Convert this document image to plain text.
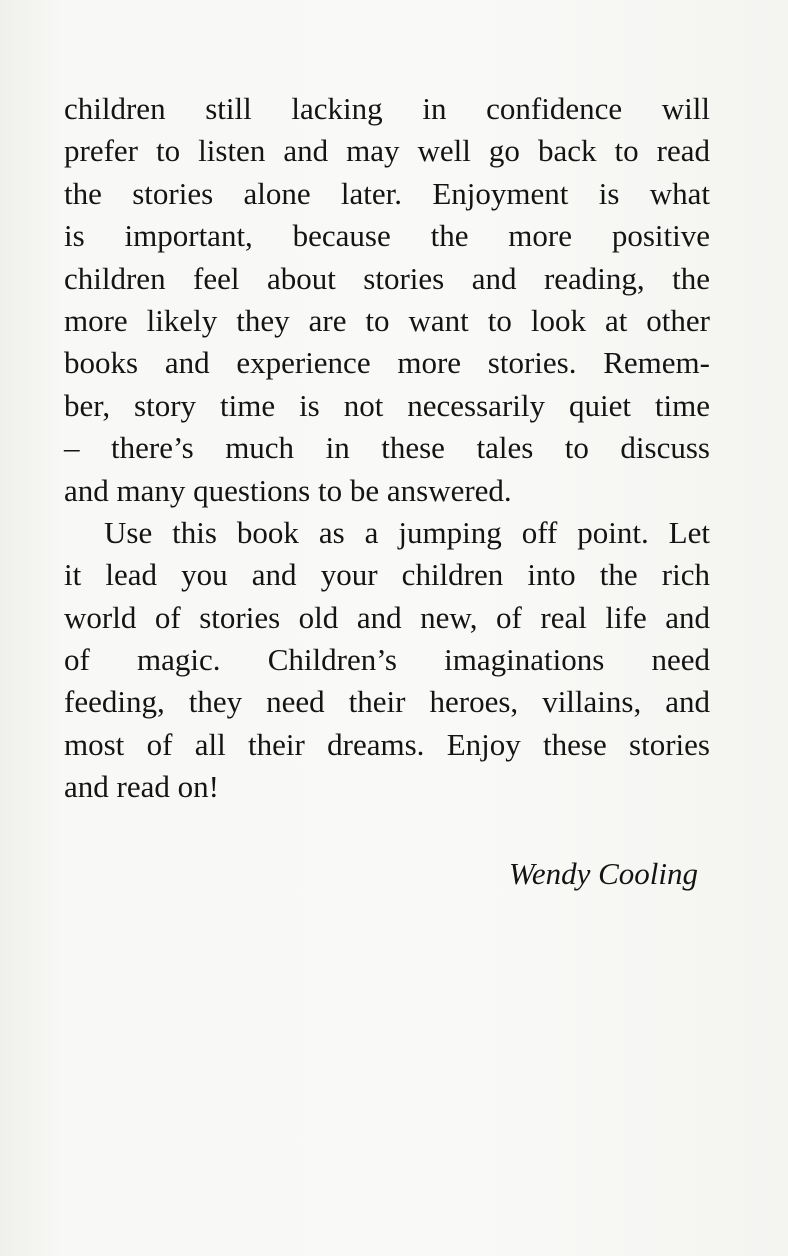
children still lacking in confidence will
prefer to listen and may well go back to read
the stories alone later. Enjoyment is what
is important, because the more positive
children feel about stories and reading, the
more likely they are to want to look at other
books and experience more stories. Remem-
ber, story time is not necessarily quiet time
– there’s much in these tales to discuss
and many questions to be answered.
Use this book as a jumping off point. Let
it lead you and your children into the rich
world of stories old and new, of real life and
of magic. Children’s imaginations need
feeding, they need their heroes, villains, and
most of all their dreams. Enjoy these stories
and read on!
Wendy Cooling
